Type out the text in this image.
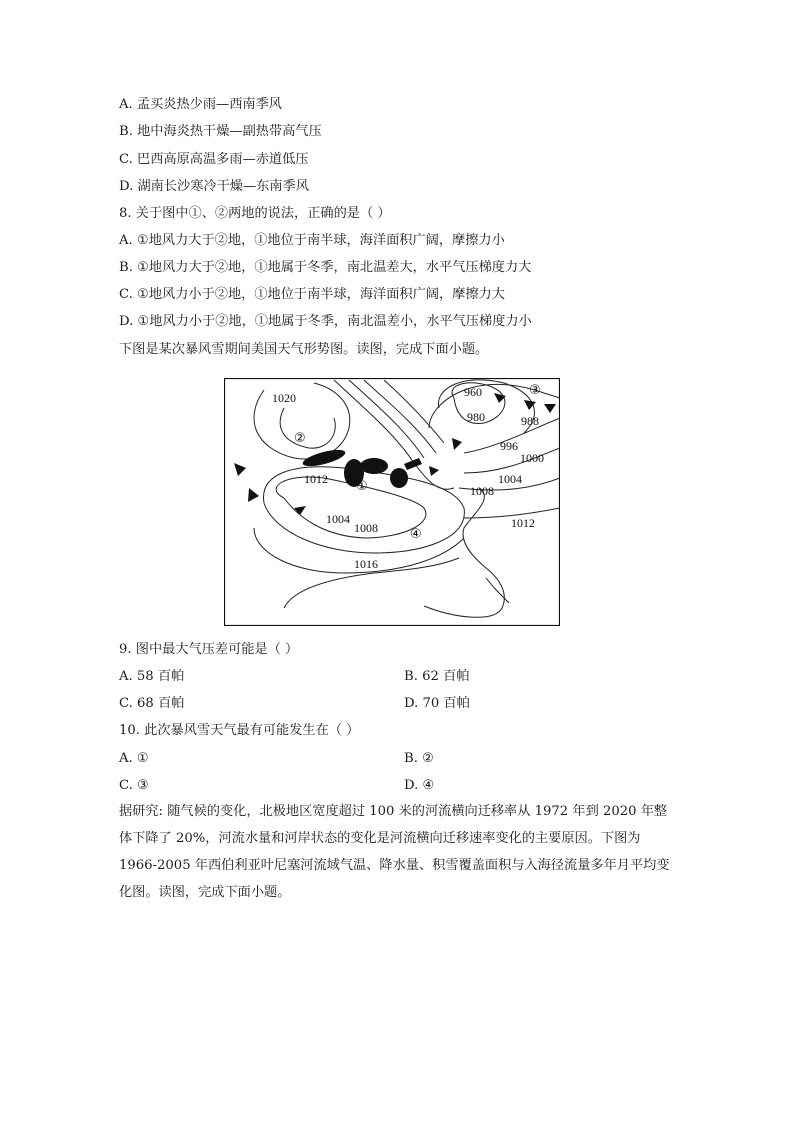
A. 孟买炎热少雨—西南季风
B. 地中海炎热干燥—副热带高气压
C. 巴西高原高温多雨—赤道低压
D. 湖南长沙寒冷干燥—东南季风
8. 关于图中①、②两地的说法，正确的是（ ）
A. ①地风力大于②地，①地位于南半球，海洋面积广阔，摩擦力小
B. ①地风力大于②地，①地属于冬季，南北温差大，水平气压梯度力大
C. ①地风力小于②地，①地位于南半球，海洋面积广阔，摩擦力大
D. ①地风力小于②地，①地属于冬季，南北温差小，水平气压梯度力小
下图是某次暴风雪期间美国天气形势图。读图，完成下面小题。
1020	960
980	988
996
1000
1004
1008
1012
1012
1004
1008
1016
①
②
③
④
9. 图中最大气压差可能是（ ）
A. 58 百帕	B. 62 百帕
C. 68 百帕	D. 70 百帕
10. 此次暴风雪天气最有可能发生在（ ）
A. ①	B. ②
C. ③	D. ④
据研究: 随气候的变化，北极地区宽度超过 100 米的河流横向迁移率从 1972 年到 2020 年整体下降了 20%，河流水量和河岸状态的变化是河流横向迁移速率变化的主要原因。下图为 1966-2005 年西伯利亚叶尼塞河流域气温、降水量、积雪覆盖面积与入海径流量多年月平均变化图。读图，完成下面小题。
